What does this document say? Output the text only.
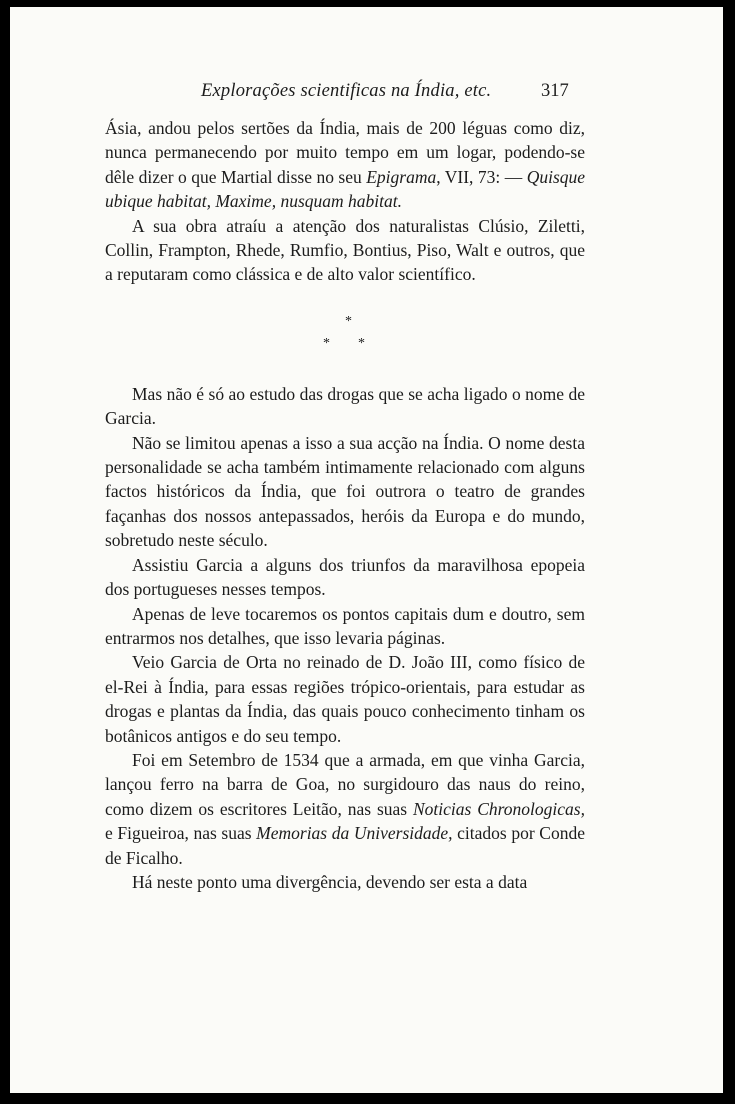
Explorações scientificas na Índia, etc.	317

Ásia, andou pelos sertões da Índia, mais de 200 léguas como diz, nunca permanecendo por muito tempo em um logar, podendo-se dêle dizer o que Martial disse no seu Epigrama, VII, 73: — Quisque ubique habitat, Maxime, nusquam habitat.

A sua obra atraíu a atenção dos naturalistas Clúsio, Ziletti, Collin, Frampton, Rhede, Rumfio, Bontius, Piso, Walt e outros, que a reputaram como clássica e de alto valor scientífico.

*
* *

Mas não é só ao estudo das drogas que se acha ligado o nome de Garcia.

Não se limitou apenas a isso a sua acção na Índia. O nome desta personalidade se acha também intimamente relacionado com alguns factos históricos da Índia, que foi outrora o teatro de grandes façanhas dos nossos antepassados, heróis da Europa e do mundo, sobretudo neste século.

Assistiu Garcia a alguns dos triunfos da maravilhosa epopeia dos portugueses nesses tempos.

Apenas de leve tocaremos os pontos capitais dum e doutro, sem entrarmos nos detalhes, que isso levaria páginas.

Veio Garcia de Orta no reinado de D. João III, como físico de el-Rei à Índia, para essas regiões trópico-orientais, para estudar as drogas e plantas da Índia, das quais pouco conhecimento tinham os botânicos antigos e do seu tempo.

Foi em Setembro de 1534 que a armada, em que vinha Garcia, lançou ferro na barra de Goa, no surgidouro das naus do reino, como dizem os escritores Leitão, nas suas Noticias Chronologicas, e Figueiroa, nas suas Memorias da Universidade, citados por Conde de Ficalho.

Há neste ponto uma divergência, devendo ser esta a data
